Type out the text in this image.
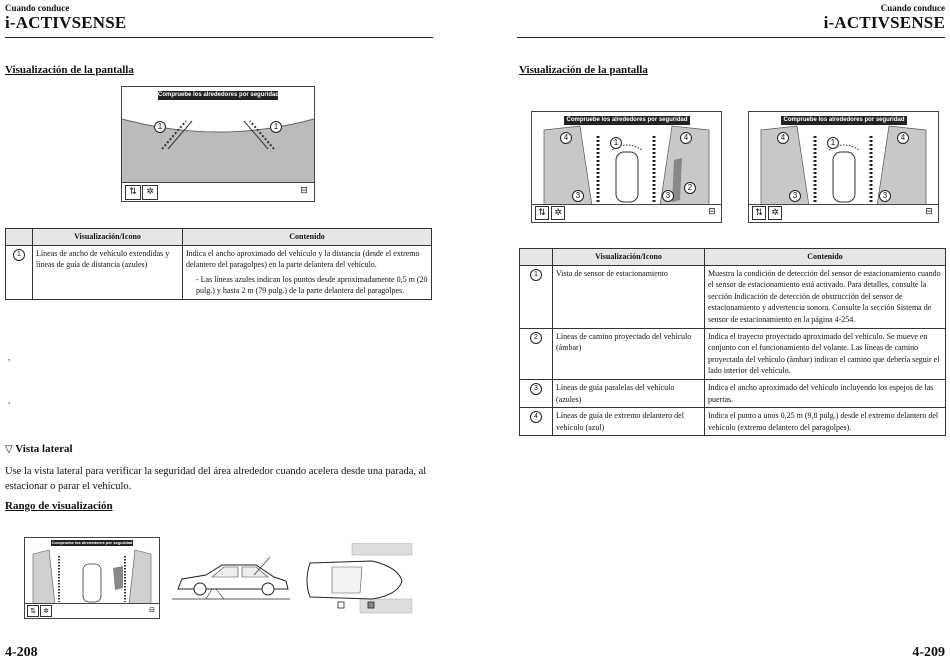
Cuando conduce
i-ACTIVSENSE
Cuando conduce
i-ACTIVSENSE
Visualización de la pantalla
Compruebe los alrededores por seguridad
1	1
⇅	✲	⊟
	Visualización/Icono	Contenido
1	Líneas de ancho de vehículo extendidas y líneas de guía de distancia (azules)	Indica el ancho aproximado del vehículo y la distancia (desde el extremo delantero del paragolpes) en la parte delantera del vehículo.
- Las líneas azules indican los puntos desde aproximadamente 0,5 m (20 pulg.) y hasta 2 m (79 pulg.) de la parte delantera del paragolpes.
,
,
▽ Vista lateral
Use la vista lateral para verificar la seguridad del área alrededor cuando acelera desde una parada, al estacionar o parar el vehículo.
Rango de visualización
Compruebe los alrededores por seguridad
⇅	✲	⊟
4-208
Visualización de la pantalla
Compruebe los alrededores por seguridad
4	4
1
2
3	3
⇅ ✲	⊟
Compruebe los alrededores por seguridad
4	4
1
3	3
⇅ ✲	⊟
	Visualización/Icono	Contenido
1	Vista de sensor de estacionamiento	Muestra la condición de detección del sensor de estacionamiento cuando el sensor de estacionamiento está activado. Para detalles, consulte la sección Indicación de detección de obstrucción del sensor de estacionamiento y advertencia sonora. Consulte la sección Sistema de sensor de estacionamiento en la página 4-254.
2	Líneas de camino proyectado del vehículo (ámbar)	Indica el trayecto proyectado aproximado del vehículo. Se mueve en conjunto con el funcionamiento del volante. Las líneas de camino proyectado del vehículo (ámbar) indican el camino que debería seguir el lado interior del vehículo.
3	Líneas de guía paralelas del vehículo (azules)	Indica el ancho aproximado del vehículo incluyendo los espejos de las puertas.
4	Líneas de guía de extremo delantero del vehículo (azul)	Indica el punto a unos 0,25 m (9,8 pulg.) desde el extremo delantero del vehículo (extremo delantero del paragolpes).
4-209
